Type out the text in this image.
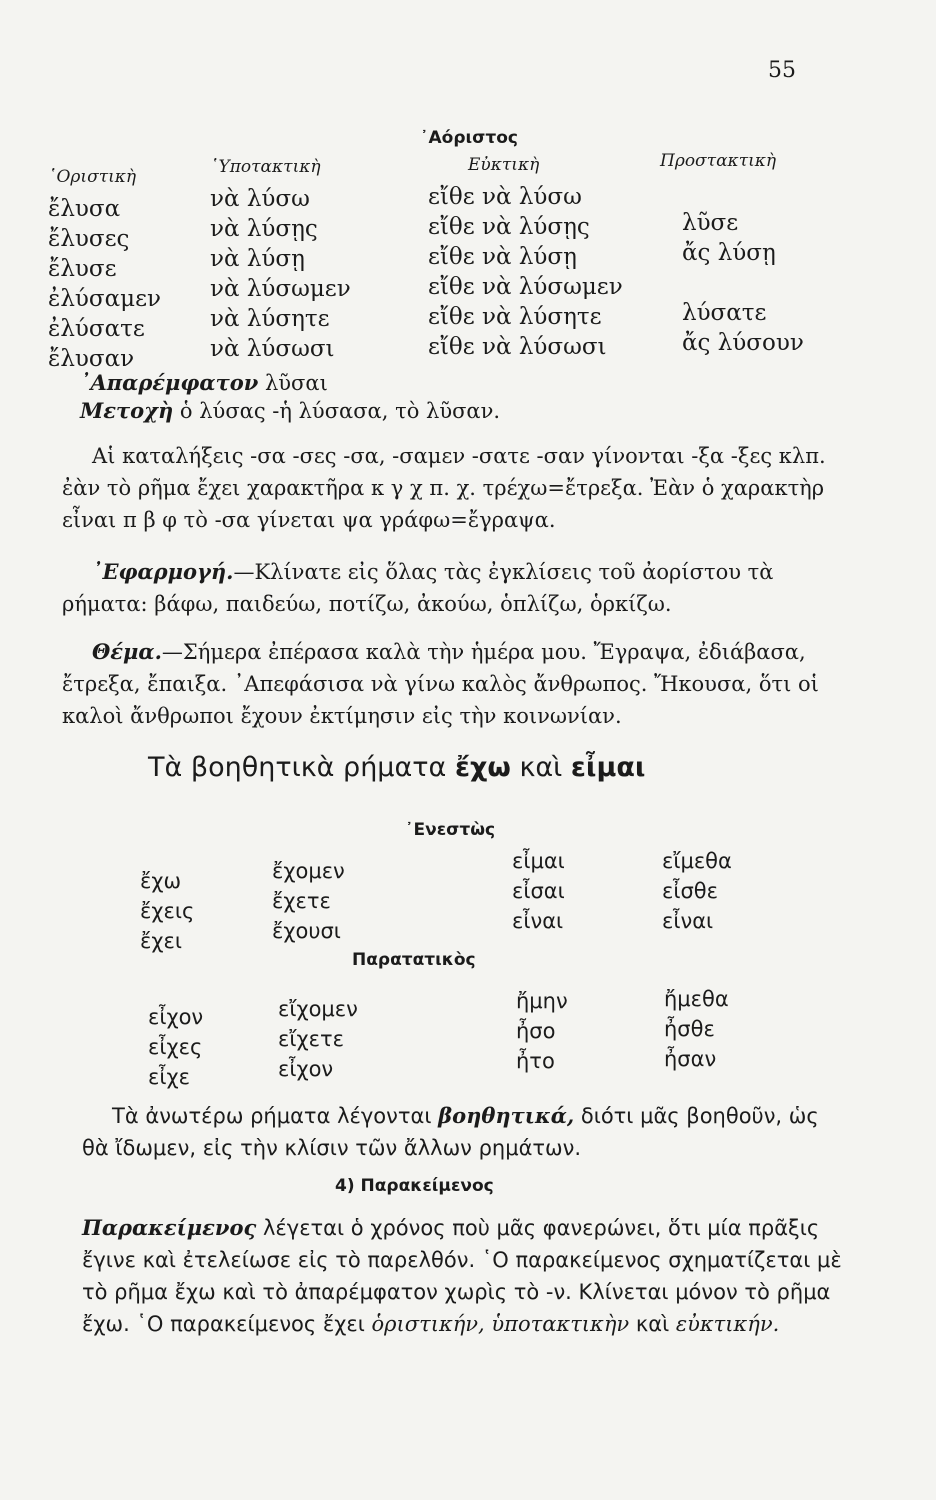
55
᾿Αόριστος
῾Οριστικὴ
ἔλυσα
ἔλυσες
ἔλυσε
ἐλύσαμεν
ἐλύσατε
ἔλυσαν
῾Υποτακτικὴ
νὰ λύσω
νὰ λύσῃς
νὰ λύσῃ
νὰ λύσωμεν
νὰ λύσητε
νὰ λύσωσι
Εὐκτικὴ
εἴθε νὰ λύσω
εἴθε νὰ λύσῃς
εἴθε νὰ λύσῃ
εἴθε νὰ λύσωμεν
εἴθε νὰ λύσητε
εἴθε νὰ λύσωσι
Προστακτικὴ
λῦσε
ἄς λύσῃ
λύσατε
ἄς λύσουν
᾿Απαρέμφατον λῦσαι
Μετοχὴ ὁ λύσας -ἡ λύσασα, τὸ λῦσαν.

Αἱ καταλήξεις -σα -σες -σα, -σαμεν -σατε -σαν γίνονται -ξα -ξες κλπ. ἐὰν τὸ ρῆμα ἔχει χαρακτῆρα κ γ χ π. χ. τρέχω=ἔτρεξα. Ἐὰν ὁ χαρακτὴρ εἶναι π β φ τὸ -σα γίνεται ψα γράφω=ἔγραψα.

᾿Εφαρμογή.—Κλίνατε εἰς ὅλας τὰς ἐγκλίσεις τοῦ ἀορίστου τὰ ρήματα: βάφω, παιδεύω, ποτίζω, ἀκούω, ὁπλίζω, ὁρκίζω.

Θέμα.—Σήμερα ἐπέρασα καλὰ τὴν ἡμέρα μου. Ἔγραψα, ἐδιάβασα, ἔτρεξα, ἔπαιξα. ᾿Απεφάσισα νὰ γίνω καλὸς ἄνθρωπος. Ἤκουσα, ὅτι οἱ καλοὶ ἄνθρωποι ἔχουν ἐκτίμησιν εἰς τὴν κοινωνίαν.

Τὰ βοηθητικὰ ρήματα ἔχω καὶ εἶμαι
᾿Ενεστὼς
ἔχω
ἔχεις
ἔχει
ἔχομεν
ἔχετε
ἔχουσι
εἶμαι
εἶσαι
εἶναι
εἴμεθα
εἶσθε
εἶναι
Παρατατικὸς
εἶχον
εἶχες
εἶχε
εἴχομεν
εἴχετε
εἶχον
ἤμην
ἦσο
ἦτο
ἤμεθα
ἦσθε
ἦσαν

Τὰ ἀνωτέρω ρήματα λέγονται βοηθητικά, διότι μᾶς βοηθοῦν, ὡς θὰ ἴδωμεν, εἰς τὴν κλίσιν τῶν ἄλλων ρημάτων.

4) Παρακείμενος

Παρακείμενος λέγεται ὁ χρόνος ποὺ μᾶς φανερώνει, ὅτι μία πρᾶξις ἔγινε καὶ ἐτελείωσε εἰς τὸ παρελθόν. ῾Ο παρακείμενος σχηματίζεται μὲ τὸ ρῆμα ἔχω καὶ τὸ ἀπαρέμφατον χωρὶς τὸ -ν. Κλίνεται μόνον τὸ ρῆμα ἔχω. ῾Ο παρακείμενος ἔχει ὁριστικήν, ὑποτακτικὴν καὶ εὐκτικήν.
